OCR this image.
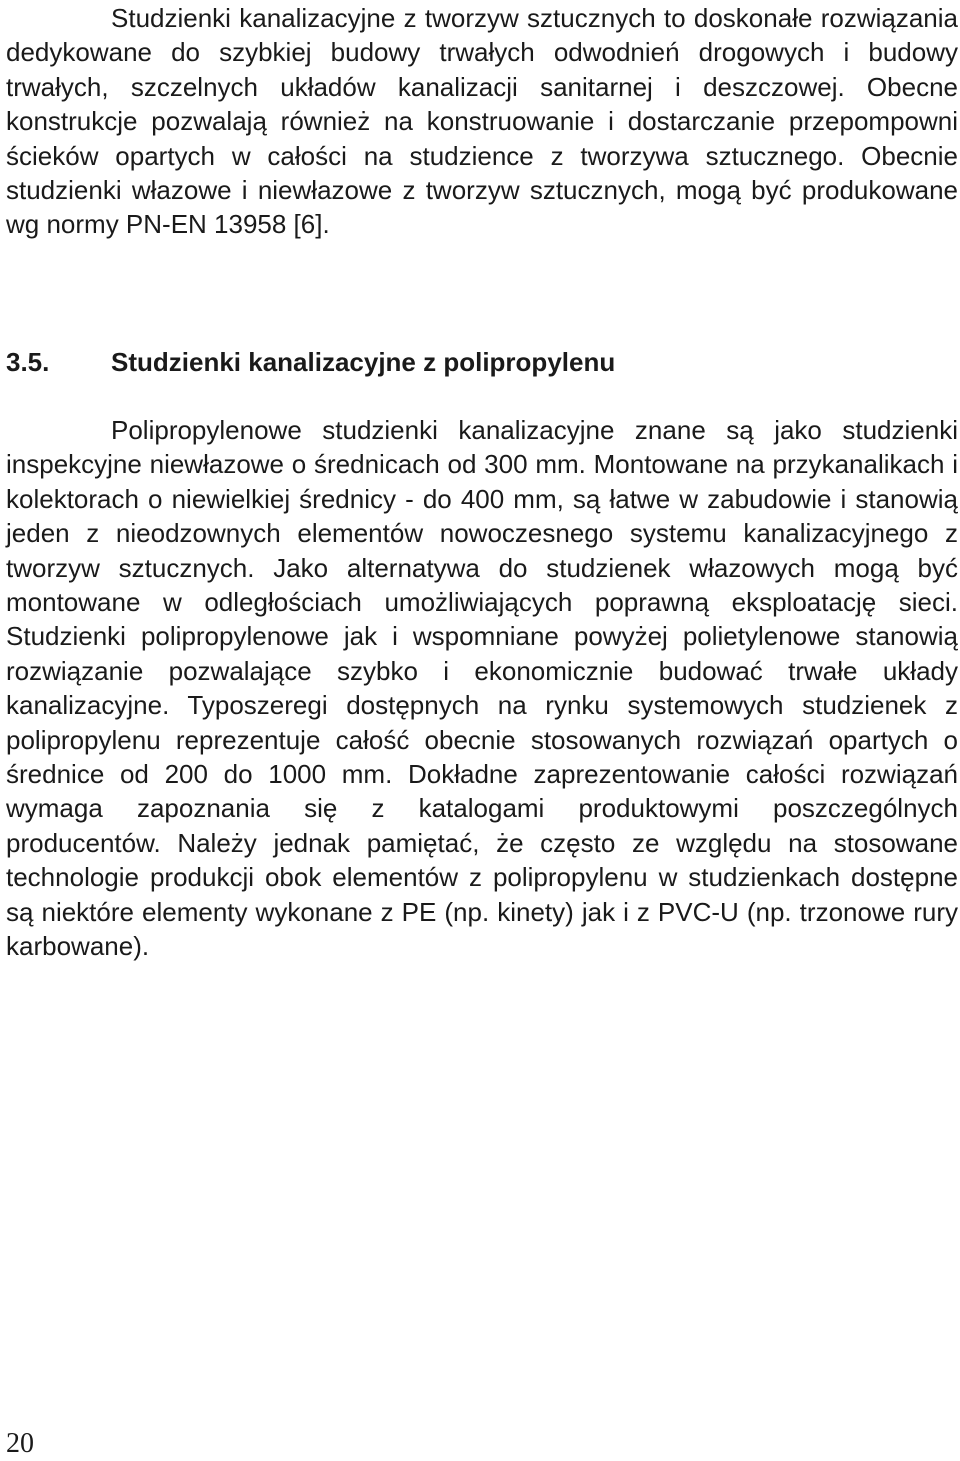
Studzienki kanalizacyjne z tworzyw sztucznych to doskonałe rozwiązania dedykowane do szybkiej budowy trwałych odwodnień drogowych i budowy trwałych, szczelnych układów kanalizacji sanitarnej i deszczowej. Obecne konstrukcje pozwalają również na konstruowanie i dostarczanie przepompowni ścieków opartych w całości na studzience z tworzywa sztucznego. Obecnie studzienki włazowe i niewłazowe z tworzyw sztucznych, mogą być produkowane wg normy PN-EN 13958 [6].

3.5. Studzienki kanalizacyjne z polipropylenu

Polipropylenowe studzienki kanalizacyjne znane są jako studzienki inspekcyjne niewłazowe o średnicach od 300 mm. Montowane na przykanalikach i kolektorach o niewielkiej średnicy - do 400 mm, są łatwe w zabudowie i stanowią jeden z nieodzownych elementów nowoczesnego systemu kanalizacyjnego z tworzyw sztucznych. Jako alternatywa do studzienek włazowych mogą być montowane w odległościach umożliwiających poprawną eksploatację sieci. Studzienki polipropylenowe jak i wspomniane powyżej polietylenowe stanowią rozwiązanie pozwalające szybko i ekonomicznie budować trwałe układy kanalizacyjne. Typoszeregi dostępnych na rynku systemowych studzienek z polipropylenu reprezentuje całość obecnie stosowanych rozwiązań opartych o średnice od 200 do 1000 mm. Dokładne zaprezentowanie całości rozwiązań wymaga zapoznania się z katalogami produktowymi poszczególnych producentów. Należy jednak pamiętać, że często ze względu na stosowane technologie produkcji obok elementów z polipropylenu w studzienkach dostępne są niektóre elementy wykonane z PE (np. kinety) jak i z PVC-U (np. trzonowe rury karbowane).

20
